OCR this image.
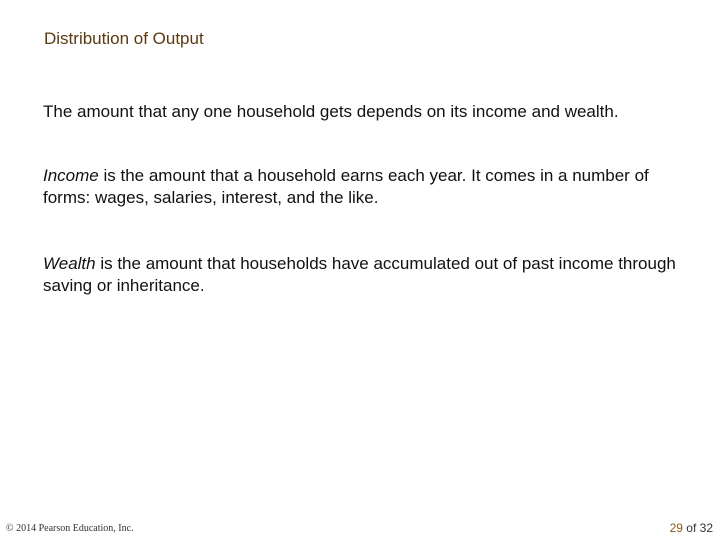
Distribution of Output
The amount that any one household gets depends on its income and wealth.
Income is the amount that a household earns each year. It comes in a number of forms: wages, salaries, interest, and the like.
Wealth is the amount that households have accumulated out of past income through saving or inheritance.
© 2014 Pearson Education, Inc.	29 of 32
